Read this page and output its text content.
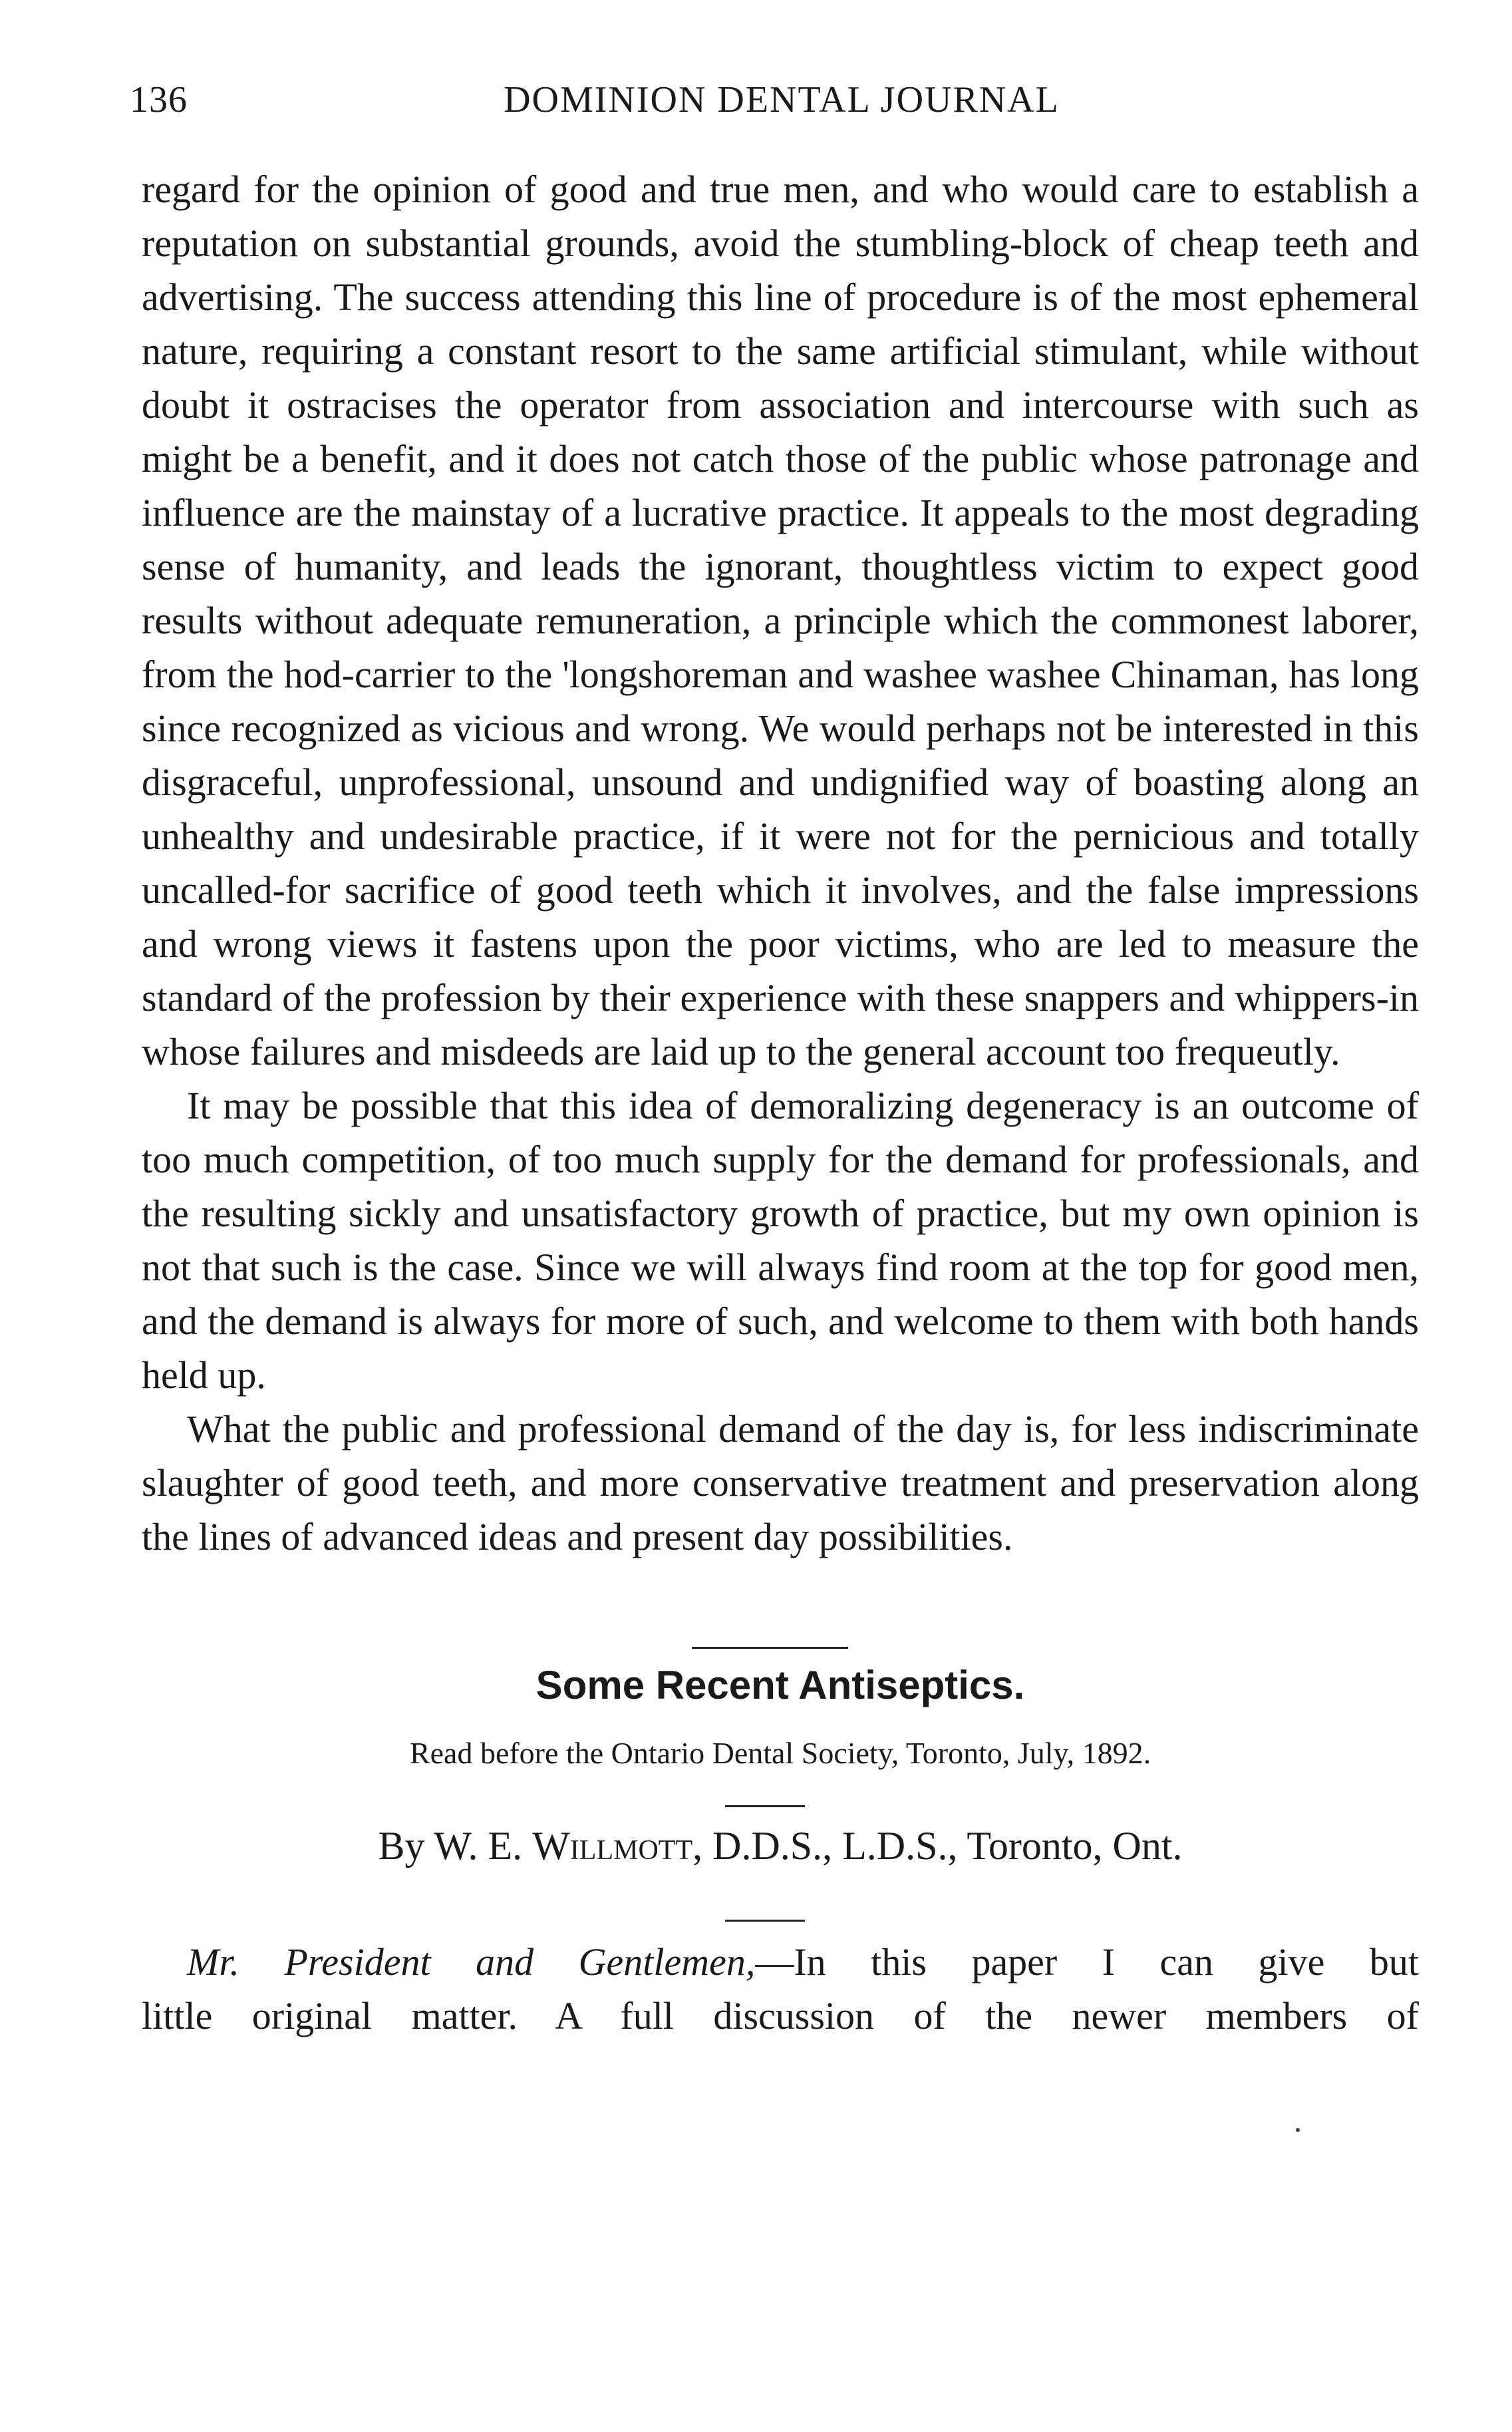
136	DOMINION DENTAL JOURNAL

regard for the opinion of good and true men, and who would care to establish a reputation on substantial grounds, avoid the stumbling-block of cheap teeth and advertising. The success attending this line of procedure is of the most ephemeral nature, requiring a constant resort to the same artificial stimulant, while without doubt it ostracises the operator from association and intercourse with such as might be a benefit, and it does not catch those of the public whose patronage and influence are the mainstay of a lucrative practice. It appeals to the most degrading sense of humanity, and leads the ignorant, thoughtless victim to expect good results without adequate remuneration, a principle which the commonest laborer, from the hod-carrier to the 'longshoreman and washee washee Chinaman, has long since recognized as vicious and wrong. We would perhaps not be interested in this disgraceful, unprofessional, unsound and undignified way of boasting along an unhealthy and undesirable practice, if it were not for the pernicious and totally uncalled-for sacrifice of good teeth which it involves, and the false impressions and wrong views it fastens upon the poor victims, who are led to measure the standard of the profession by their experience with these snappers and whippers-in whose failures and misdeeds are laid up to the general account too frequeutly.

It may be possible that this idea of demoralizing degeneracy is an outcome of too much competition, of too much supply for the demand for professionals, and the resulting sickly and unsatisfactory growth of practice, but my own opinion is not that such is the case. Since we will always find room at the top for good men, and the demand is always for more of such, and welcome to them with both hands held up.

What the public and professional demand of the day is, for less indiscriminate slaughter of good teeth, and more conservative treatment and preservation along the lines of advanced ideas and present day possibilities.

Some Recent Antiseptics.
Read before the Ontario Dental Society, Toronto, July, 1892.
By W. E. Willmott, D.D.S., L.D.S., Toronto, Ont.

Mr. President and Gentlemen,—In this paper I can give but

little original matter. A full discussion of the newer members of
